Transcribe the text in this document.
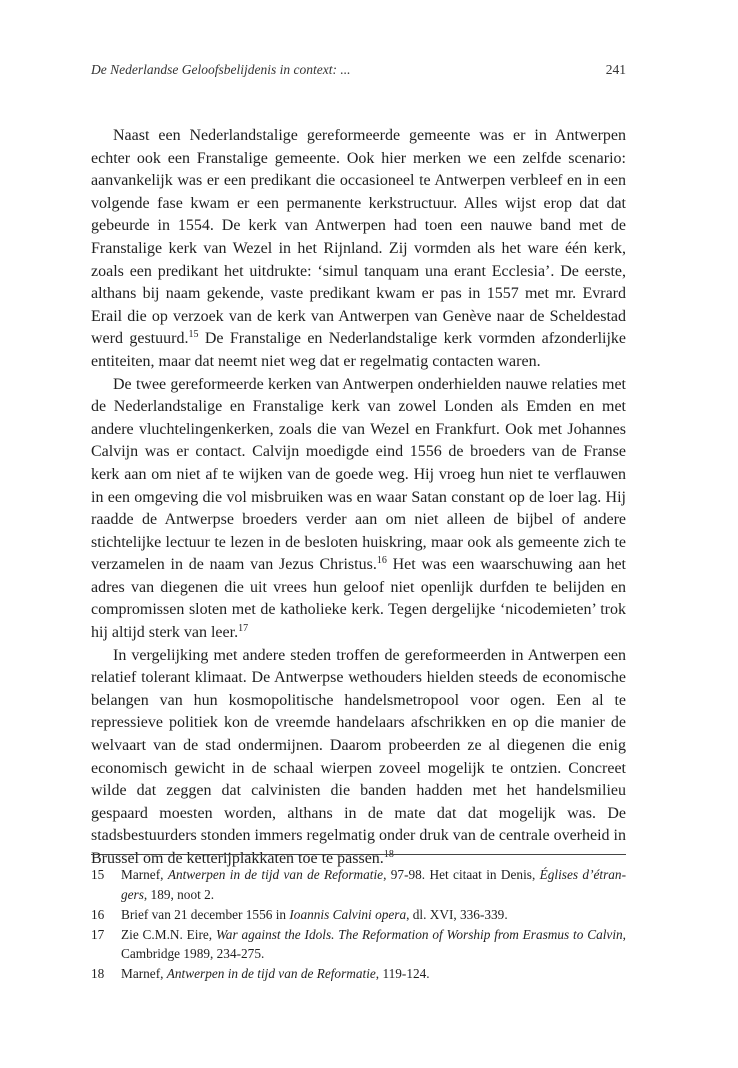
De Nederlandse Geloofsbelijdenis in context: ...	241

Naast een Nederlandstalige gereformeerde gemeente was er in Antwerpen echter ook een Franstalige gemeente. Ook hier merken we een zelfde scenario: aanvankelijk was er een predikant die occasioneel te Antwerpen verbleef en in een volgende fase kwam er een permanente kerkstructuur. Alles wijst erop dat dat gebeurde in 1554. De kerk van Antwerpen had toen een nauwe band met de Franstalige kerk van Wezel in het Rijnland. Zij vormden als het ware één kerk, zoals een predikant het uitdrukte: ‘simul tanquam una erant Ecclesia’. De eerste, althans bij naam gekende, vaste predikant kwam er pas in 1557 met mr. Evrard Erail die op verzoek van de kerk van Antwerpen van Genève naar de Scheldestad werd gestuurd.$^{15}$ De Franstalige en Nederlandstalige kerk vormden afzonderlijke entiteiten, maar dat neemt niet weg dat er regelmatig contacten waren.

De twee gereformeerde kerken van Antwerpen onderhielden nauwe relaties met de Nederlandstalige en Franstalige kerk van zowel Londen als Emden en met andere vluchtelingenkerken, zoals die van Wezel en Frankfurt. Ook met Johannes Calvijn was er contact. Calvijn moedigde eind 1556 de broeders van de Franse kerk aan om niet af te wijken van de goede weg. Hij vroeg hun niet te verflauwen in een omgeving die vol misbruiken was en waar Satan constant op de loer lag. Hij raadde de Antwerpse broeders verder aan om niet alleen de bijbel of andere stichtelijke lectuur te lezen in de besloten huiskring, maar ook als gemeente zich te verzamelen in de naam van Jezus Christus.$^{16}$ Het was een waarschuwing aan het adres van diegenen die uit vrees hun geloof niet openlijk durfden te belijden en compromissen sloten met de katholieke kerk. Tegen dergelijke ‘nicodemieten’ trok hij altijd sterk van leer.$^{17}$

In vergelijking met andere steden troffen de gereformeerden in Antwerpen een relatief tolerant klimaat. De Antwerpse wethouders hielden steeds de economische belangen van hun kosmopolitische handelsmetropool voor ogen. Een al te repressieve politiek kon de vreemde handelaars afschrikken en op die manier de welvaart van de stad ondermijnen. Daarom probeerden ze al diegenen die enig economisch gewicht in de schaal wierpen zoveel mogelijk te ontzien. Concreet wilde dat zeggen dat calvinisten die banden hadden met het handelsmilieu gespaard moesten worden, althans in de mate dat dat mogelijk was. De stadsbestuurders stonden immers regelmatig onder druk van de centrale overheid in Brussel om de ketterijplakkaten toe te passen.$^{18}$

15 Marnef, Antwerpen in de tijd van de Reformatie, 97-98. Het citaat in Denis, Églises d’étrangers, 189, noot 2.
16 Brief van 21 december 1556 in Ioannis Calvini opera, dl. XVI, 336-339.
17 Zie C.M.N. Eire, War against the Idols. The Reformation of Worship from Erasmus to Calvin, Cambridge 1989, 234-275.
18 Marnef, Antwerpen in de tijd van de Reformatie, 119-124.
